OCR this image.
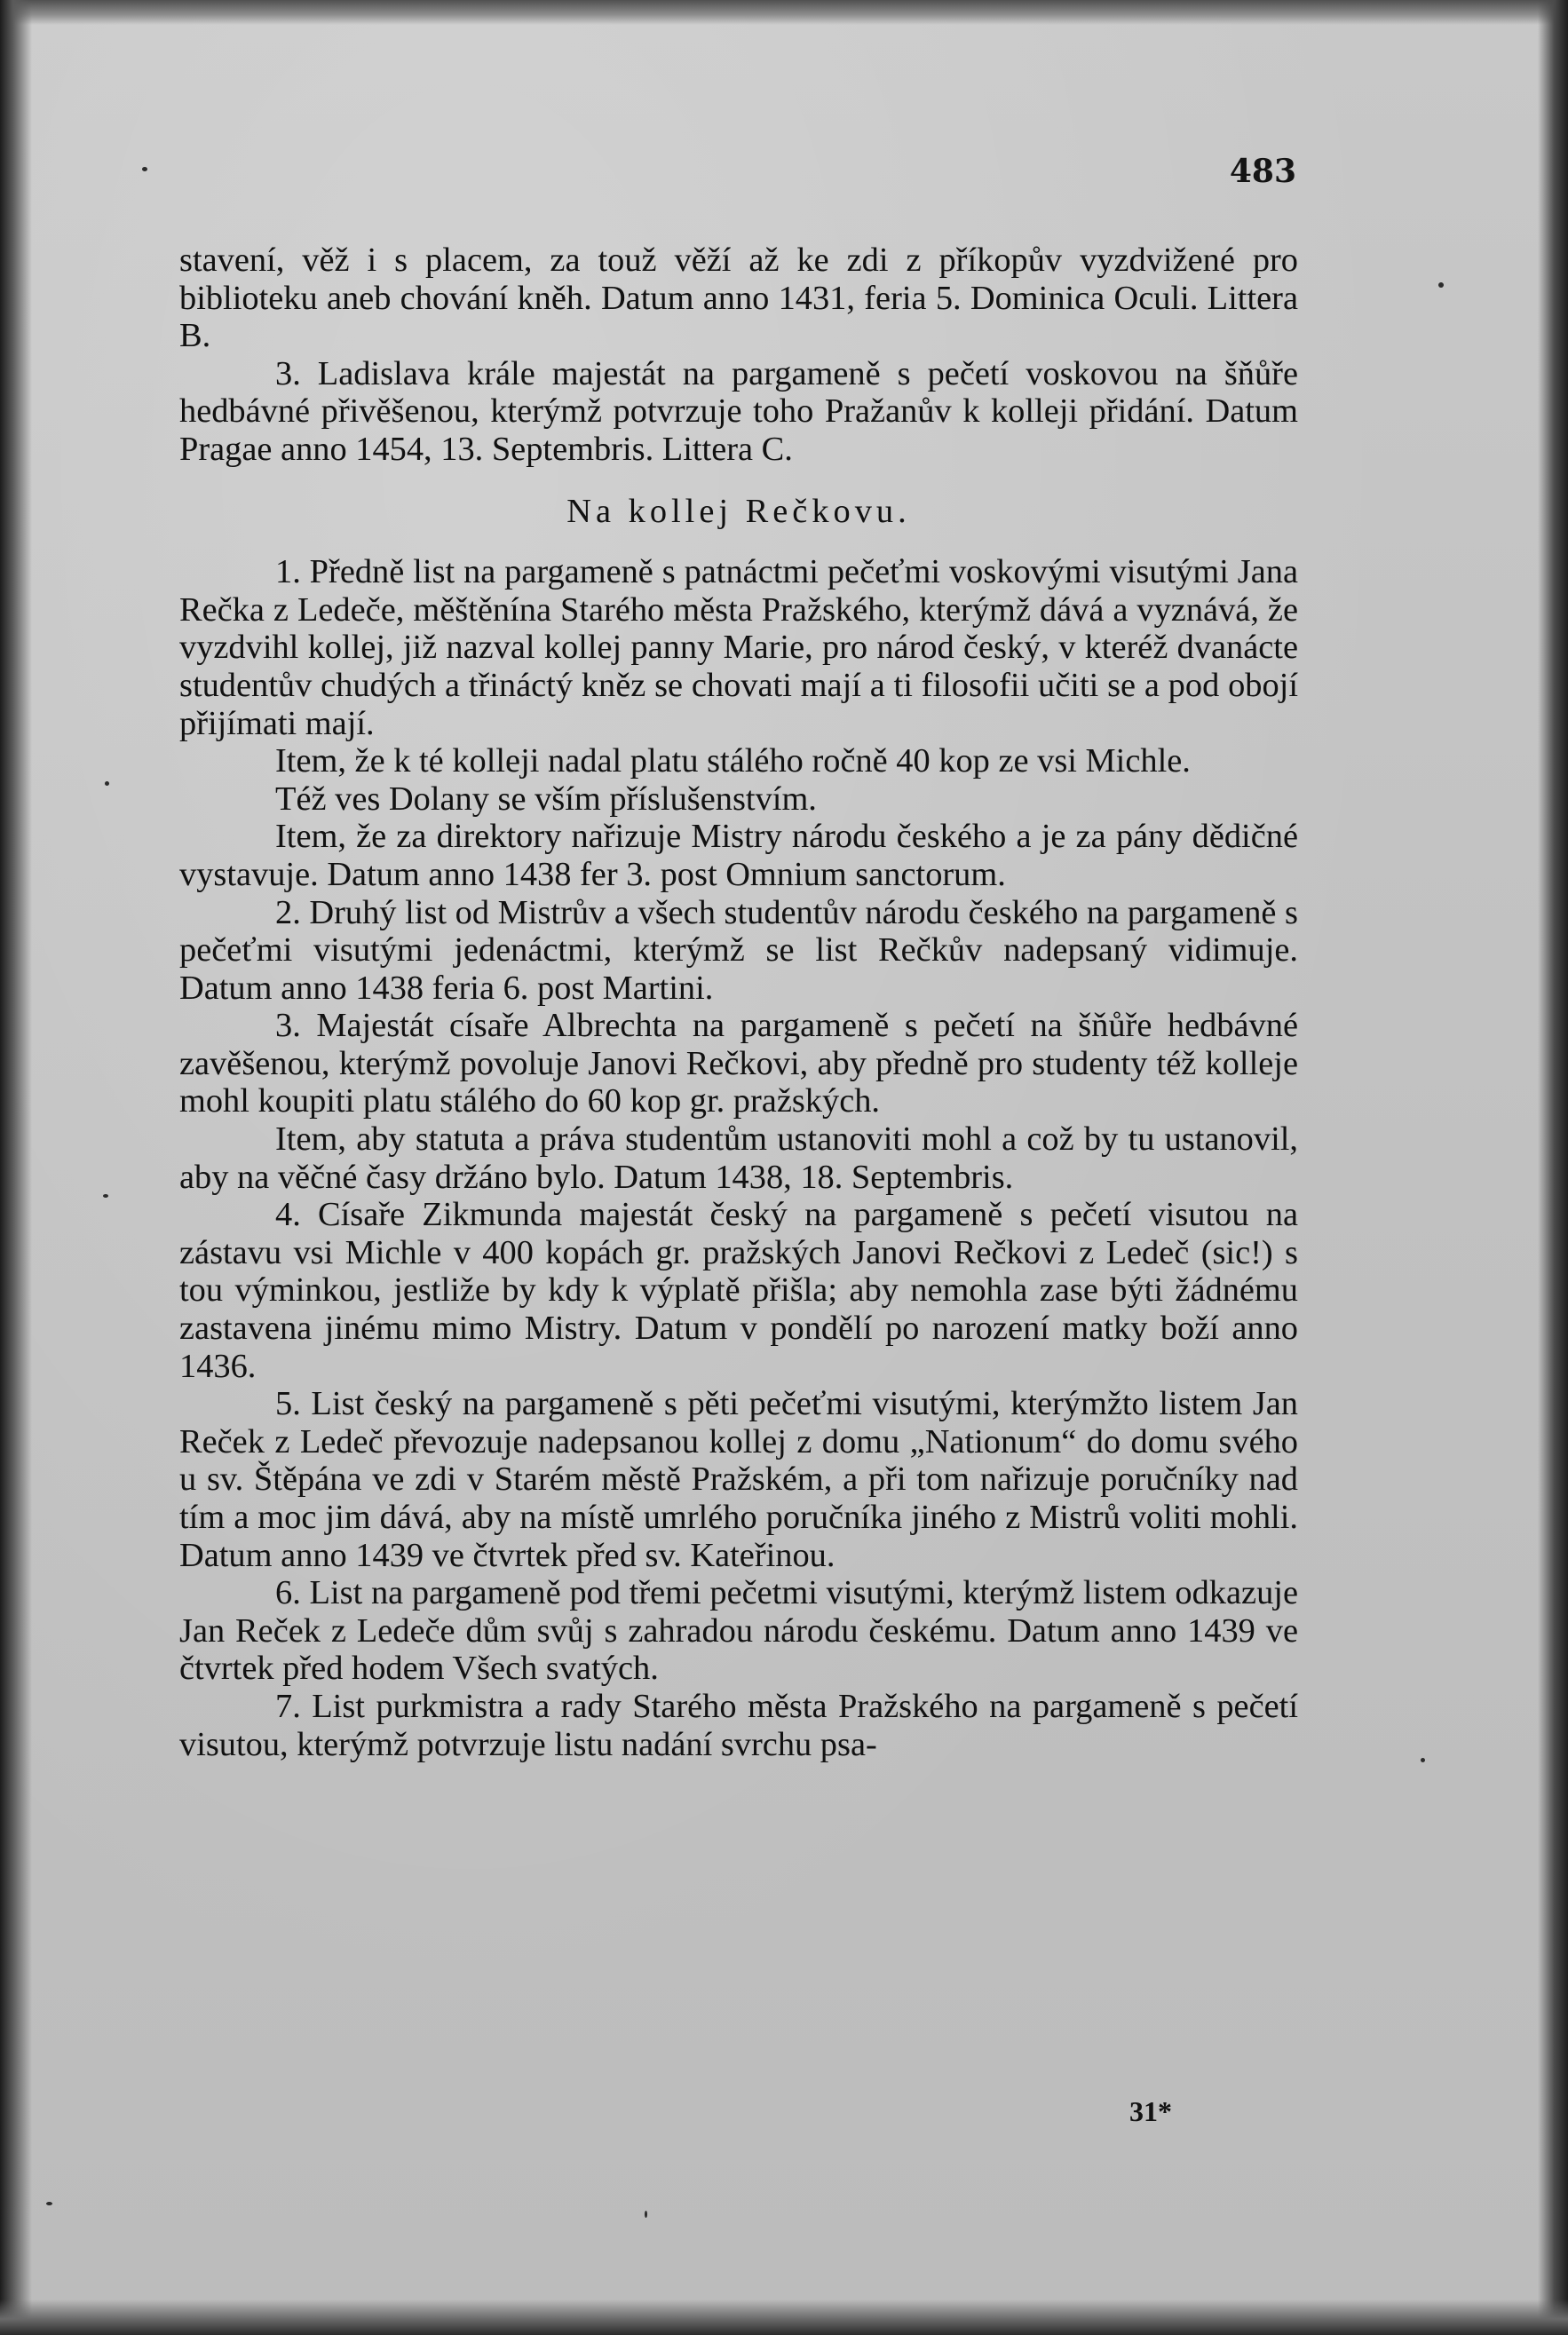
483

stavení, věž i s placem, za touž věží až ke zdi z příkopův vyzdvižené pro biblioteku aneb chování kněh. Datum anno 1431, feria 5. Dominica Oculi. Littera B.

3. Ladislava krále majestát na pargameně s pečetí voskovou na šňůře hedbávné přivěšenou, kterýmž potvrzuje toho Pražanův k kolleji přidání. Datum Pragae anno 1454, 13. Septembris. Littera C.

Na kollej Rečkovu.

1. Předně list na pargameně s patnáctmi pečeťmi voskovými visutými Jana Rečka z Ledeče, měštěnína Starého města Pražského, kterýmž dává a vyznává, že vyzdvihl kollej, již nazval kollej panny Marie, pro národ český, v kteréž dvanácte studentův chudých a třináctý kněz se chovati mají a ti filosofii učiti se a pod obojí přijímati mají.

Item, že k té kolleji nadal platu stálého ročně 40 kop ze vsi Michle.

Též ves Dolany se vším příslušenstvím.

Item, že za direktory nařizuje Mistry národu českého a je za pány dědičné vystavuje. Datum anno 1438 fer 3. post Omnium sanctorum.

2. Druhý list od Mistrův a všech studentův národu českého na pargameně s pečeťmi visutými jedenáctmi, kterýmž se list Rečkův nadepsaný vidimuje. Datum anno 1438 feria 6. post Martini.

3. Majestát císaře Albrechta na pargameně s pečetí na šňůře hedbávné zavěšenou, kterýmž povoluje Janovi Rečkovi, aby předně pro studenty též kolleje mohl koupiti platu stálého do 60 kop gr. pražských.

Item, aby statuta a práva studentům ustanoviti mohl a což by tu ustanovil, aby na věčné časy držáno bylo. Datum 1438, 18. Septembris.

4. Císaře Zikmunda majestát český na pargameně s pečetí visutou na zástavu vsi Michle v 400 kopách gr. pražských Janovi Rečkovi z Ledeč (sic!) s tou výminkou, jestliže by kdy k výplatě přišla; aby nemohla zase býti žádnému zastavena jinému mimo Mistry. Datum v pondělí po narození matky boží anno 1436.

5. List český na pargameně s pěti pečeťmi visutými, kterýmžto listem Jan Reček z Ledeč převozuje nadepsanou kollej z domu „Nationum“ do domu svého u sv. Štěpána ve zdi v Starém městě Pražském, a při tom nařizuje poručníky nad tím a moc jim dává, aby na místě umrlého poručníka jiného z Mistrů voliti mohli. Datum anno 1439 ve čtvrtek před sv. Kateřinou.

6. List na pargameně pod třemi pečetmi visutými, kterýmž listem odkazuje Jan Reček z Ledeče dům svůj s zahradou národu českému. Datum anno 1439 ve čtvrtek před hodem Všech svatých.

7. List purkmistra a rady Starého města Pražského na pargameně s pečetí visutou, kterýmž potvrzuje listu nadání svrchu psa-

31*
